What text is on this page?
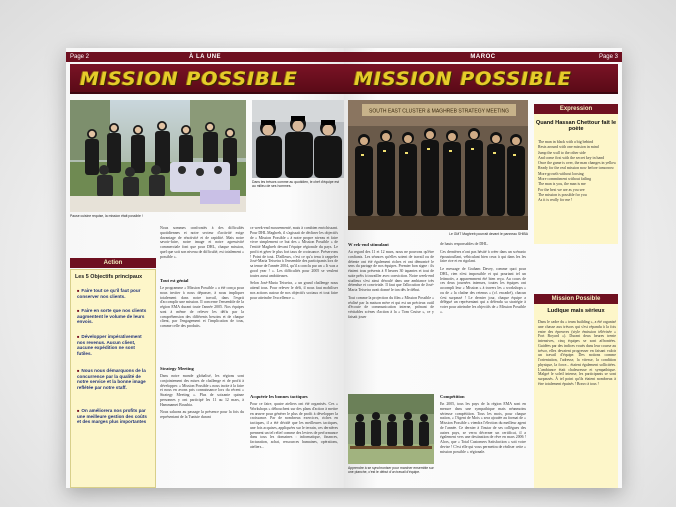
À LA UNE
Page 2
MISSION POSSIBLE
Pause cuisine requise, la mission était possible !
Dans les trésors comme au quotidien, le chef d'équipe est au milieu de ses hommes.
Action
Les 5 Objectifs principaux
■ Faire tout ce qu'il faut pour conserver nos clients.
■ Faire en sorte que nos clients augmentent le volume de leurs envois.
■ Développer impérativement nos revenus. Aucun client, aucune expédition ne sont futiles.
■ Nous nous démarquons de la concurrence par la qualité de notre service et la bonne image reflétée par notre staff.
■ On améliorera nos profits par une meilleure gestion des coûts et des marges plus importantes

Nous sommes confrontés à des difficultés quotidiennes et notre secteur d'activité exige davantage de réactivité et de rapidité. Mais notre savoir-faire, notre image et notre agressivité commerciale font que pour DHL, chaque mission, quel que soit son niveau de difficulté, est totalement « possible ».

Tout est génial

Le programme « Mission Possible » a été conçu pour nous inviter à nous dépasser, à nous impliquer totalement dans notre travail, dans l'esprit d'accomplir une mission. Il concerne l'ensemble de la région EMA durant toute l'année 2005. Nos équipes sont à même de relever les défis par la compréhension des différents besoins et de chaque client, par l'engagement et l'implication de tous, comme celle des produits.

Strategy Meeting

Dans notre monde globalisé, les régions sont conjointement des mises de challenge et de profit à développer. « Mission Possible » nous incite à la faire et nous en avons pris connaissance lors du récent « Strategy Meeting ». Plus de soixante quinze personnes y ont participé les 11 au 12 mars, à Hammamet Bousbia.

Nous saluons au passage la présence pour la fois du représentant de la Tunisie durant

ce week-end mouvementé, mais à combien enrichissant. Pour DHL Maghreb, il s'agissait de décliner les objectifs de « Mission Possible » à notre propre niveau et faire vivre simplement ce but des « Mission Possible » de l'entité Maghreb devant l'équipe régionale du pays. Le profit et gérer le plus fort taux de croissance. Préservons ! Point de tout. D'ailleurs, c'est ce qu'a tenu à rappeler José-Maria Teixeira à l'ensemble des participants lors de sa tenue de l'année 2004, qu'il a conclu par un « It was a good year ! ». Les difficultés pour 2005 se veulent toutes aussi ambitieuses.

Selon José-Maria Teixeira, « un grand challenge nous attend tous. Pour relever le défi, il nous faut mobiliser nos actions autour de nos objectifs sociaux et tout faire pour atteindre l'excellence ».

Acquérir les bonnes tactiques

Pour ce faire, quatre ateliers ont été organisés. Ces « Workshops » débouchent sur des plans d'action à mettre en œuvre pour générer le plus de profit à développer la croissance. Par de nombreux exercices, riches en tactiques, il a été décidé que les meilleures tactiques, une fois acquises, appliquées sur le terrain, ces dernières prennent un tel relief comme des leviers de performance dans tous les domaines : informatique, finances, facturation, achat, ressources humaines, opérations, ateliers...

MAROC	Page 3
MISSION POSSIBLE
SOUTH EAST CLUSTER & MAGHREB STRATEGY MEETING
Le GMT Maghreb pourrait devant le panneau SHIBA
W eek-end stimulant

Au regard des 11 et 12 mars, nous ne pouvons qu'être confiants. Les séances qu'elles soient de travail ou de détente ont été également riches et ont démontré le sens du partage de nos équipes. Premier bon signe : ils étaient tous présents à 8 heures 30 tapantes et tout de suite prêts à travailler avec conviction. Notre week-end studieux s'est ainsi déroulé dans une ambiance très détendue et conviviale. Il faut que l'allocution de José-Maria Teixeira avait donné le ton dès le début.

Tout comme la projection du film « Mission Possible » réalisé par la maison mère et qui est un précieux outil d'écoute de communication interne, prônant de véritables scènes d'action à la « Tom Cruise », ce y faisait jouer

Apprendre à se synchroniser pour marcher ensemble sur une planche, c'est le début d'un travail d'équipe.

de hauts responsables de DHL.

Ces dernières n'ont pas hésité à créer dans un scénario époustouflant, véhiculant bien ceux à qui dans les les faire rire et en rigolant.

Le message de Graham Davey, comme quoi pour DHL, rien n'est impossible et qui pourtant tel un leitmotiv, a apparemment été bien reçu. Au cours de ces deux journées intenses, toutes les équipes ont accompli leur « Mission » à travers les « workshops » ou de « la chaîne des retenus » (cf. encadré), chacun s'est surpassé ! Le dernier jour, chaque équipe a délégué un représentant qui a défendu sa stratégie à voter pour atteindre les objectifs de « Mission Possible ».

Compétition

En 2005, tous les pays de la région EMA sont en mesure dans une sympathique mais néanmoins sérieuse compétition. Tous les mois, pour chaque nation, « l'Agent de Mois » sera ajoutée au format de « Mission Possible » viendra l'élection du meilleur agent de l'année. Ce dernier à l'instar de ses collègues des autres pays, se verra décerner un certificat, il a également vers une destination de rêve en mars 2006 ! Alors, que « Total Customers Satisfaction » soit votre devise ! C'est elle qui vous permettra de réaliser cette « mission possible » régionale.

Expression
Quand Hassan Chettour fait le poète
The man in black with a big behind
Rests around with one mission in mind
Jump the wall to the other side
And come first with the secret key in hand
Once the game is over, the man changes in yellow
Ready for the real mission now before tomorrow
More growth without loosing
More commitment without failing
The man is you, the man is me
For the best we are as you see
The mission is possible for you
As it is really for me !
Mission Possible
Ludique mais sérieux

Dans le cadre du « team building », a été organisé une chasse aux trésors qui s'est répandu à la fois entre des épreuves (style émission télévisée « Fort Boyard »). Durant deux heures trente intensives, cinq équipes se sont affrontées. Guidées par des indices voués dans leur course au trésor, elles devaient progresser en faisant valoir un travail d'équipe. Des notions comme l'orientation, l'adresse, la vitesse, la condition physique, la force... étaient également sollicitées. L'ambiance était chaleureuse et sympathique. Malgré le soleil intense, les participants se sont surpassés. À tel point qu'ils étaient nombreux à être totalement épuisés ! Bravo à tous !
